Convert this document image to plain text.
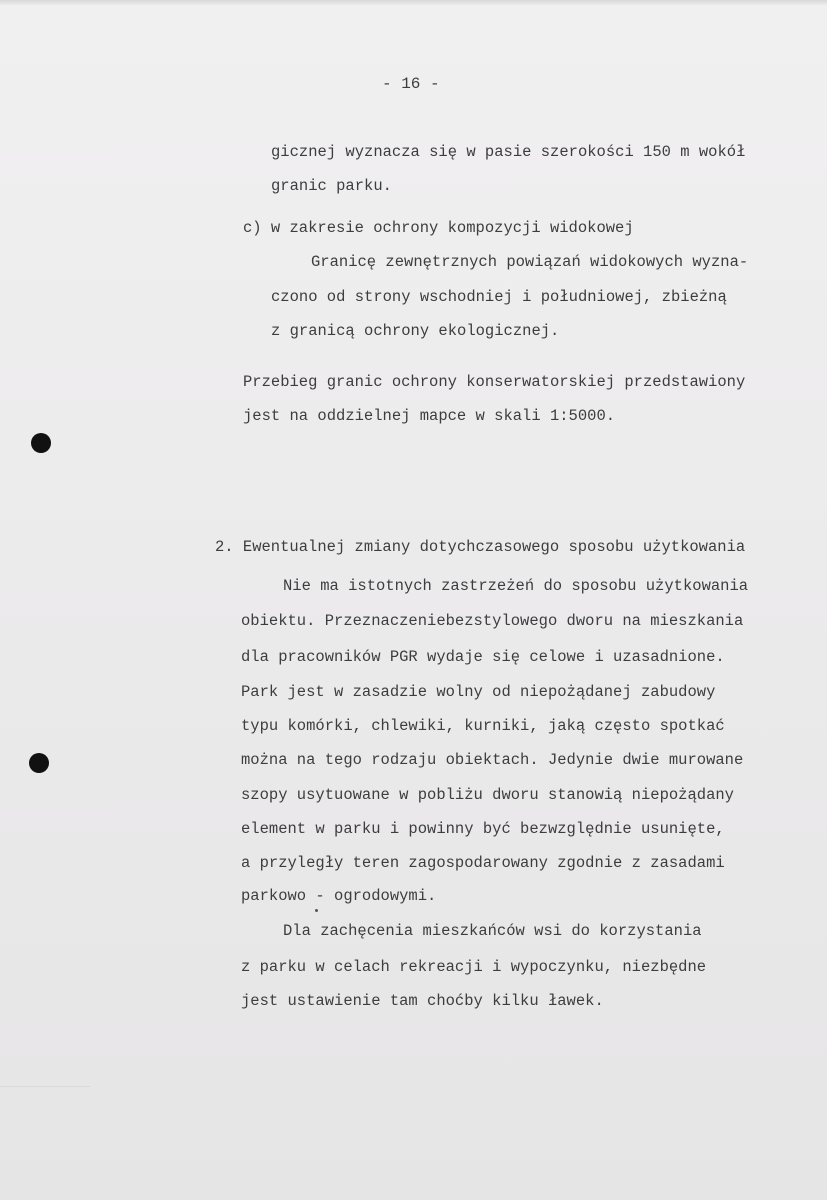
- 16 -
gicznej wyznacza się w pasie szerokości 150 m wokół
granic parku.
c) w zakresie ochrony kompozycji widokowej
Granicę zewnętrznych powiązań widokowych wyzna-
czono od strony wschodniej i południowej, zbieżną
z granicą ochrony ekologicznej.
Przebieg granic ochrony konserwatorskiej przedstawiony
jest na oddzielnej mapce w skali 1:5000.
2. Ewentualnej zmiany dotychczasowego sposobu użytkowania
Nie ma istotnych zastrzeżeń do sposobu użytkowania
obiektu. Przeznaczeniebezstylowego dworu na mieszkania
dla pracowników PGR wydaje się celowe i uzasadnione.
Park jest w zasadzie wolny od niepożądanej zabudowy
typu komórki, chlewiki, kurniki, jaką często spotkać
można na tego rodzaju obiektach. Jedynie dwie murowane
szopy usytuowane w pobliżu dworu stanowią niepożądany
element w parku i powinny być bezwzględnie usunięte,
a przyległy teren zagospodarowany zgodnie z zasadami
parkowo - ogrodowymi.
Dla zachęcenia mieszkańców wsi do korzystania
z parku w celach rekreacji i wypoczynku, niezbędne
jest ustawienie tam choćby kilku ławek.
